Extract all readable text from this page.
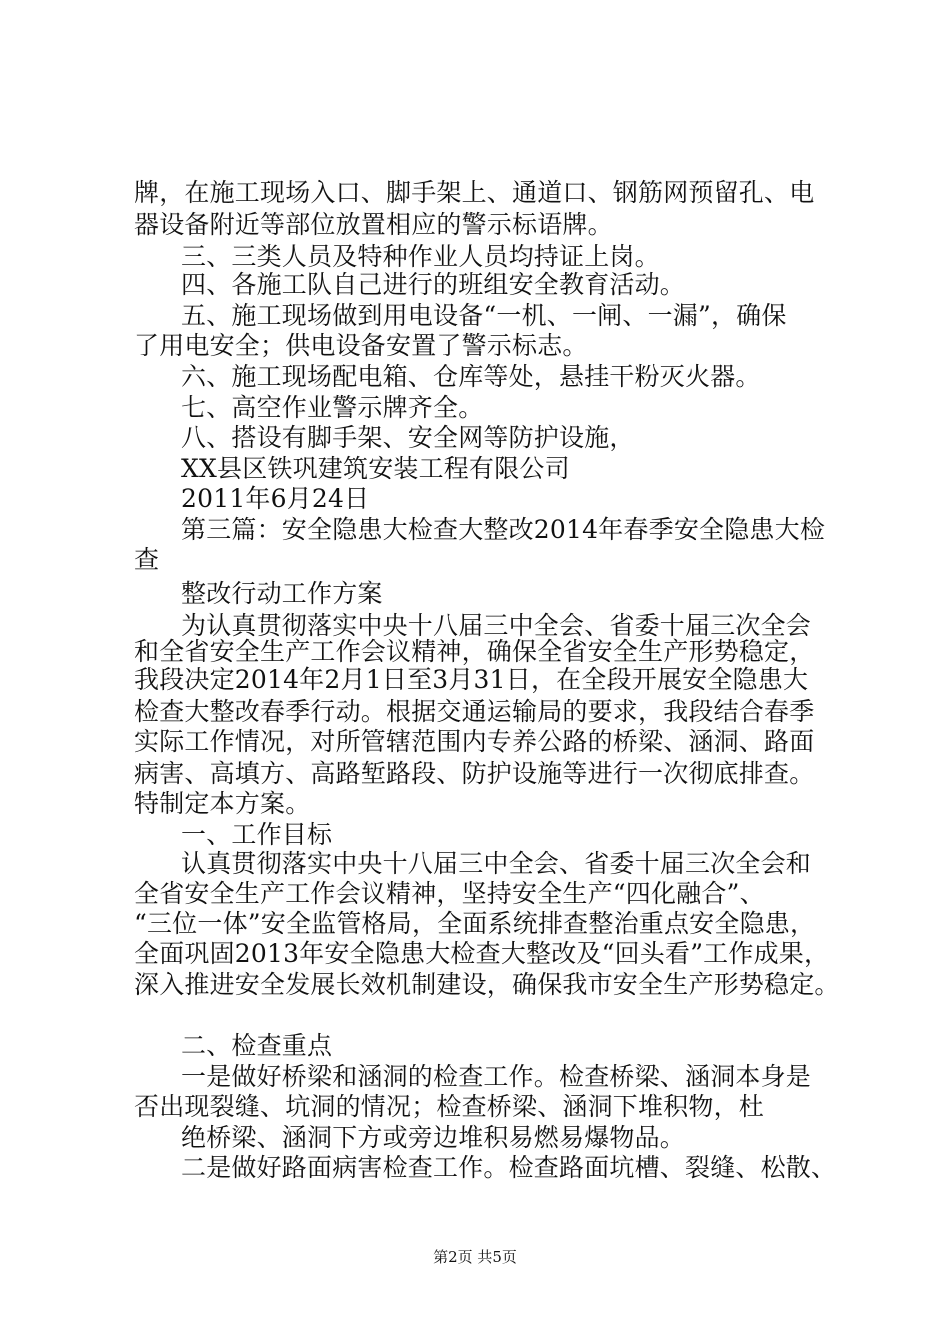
牌，在施工现场入口、脚手架上、通道口、钢筋网预留孔、电
器设备附近等部位放置相应的警示标语牌。
三、三类人员及特种作业人员均持证上岗。
四、各施工队自己进行的班组安全教育活动。
五、施工现场做到用电设备“一机、一闸、一漏”，确保
了用电安全；供电设备安置了警示标志。
六、施工现场配电箱、仓库等处，悬挂干粉灭火器。
七、高空作业警示牌齐全。
八、搭设有脚手架、安全网等防护设施，
XX县区铁巩建筑安装工程有限公司
2011年6月24日
第三篇：安全隐患大检查大整改2014年春季安全隐患大检
查
整改行动工作方案
为认真贯彻落实中央十八届三中全会、省委十届三次全会
和全省安全生产工作会议精神，确保全省安全生产形势稳定，
我段决定2014年2月1日至3月31日，在全段开展安全隐患大
检查大整改春季行动。根据交通运输局的要求，我段结合春季
实际工作情况，对所管辖范围内专养公路的桥梁、涵洞、路面
病害、高填方、高路堑路段、防护设施等进行一次彻底排查。
特制定本方案。
一、工作目标
认真贯彻落实中央十八届三中全会、省委十届三次全会和
全省安全生产工作会议精神，坚持安全生产“四化融合”、
“三位一体”安全监管格局，全面系统排查整治重点安全隐患，
全面巩固2013年安全隐患大检查大整改及“回头看”工作成果，
深入推进安全发展长效机制建设，确保我市安全生产形势稳定。
二、检查重点
一是做好桥梁和涵洞的检查工作。检查桥梁、涵洞本身是
否出现裂缝、坑洞的情况；检查桥梁、涵洞下堆积物，杜
绝桥梁、涵洞下方或旁边堆积易燃易爆物品。
二是做好路面病害检查工作。检查路面坑槽、裂缝、松散、
第2页 共5页
